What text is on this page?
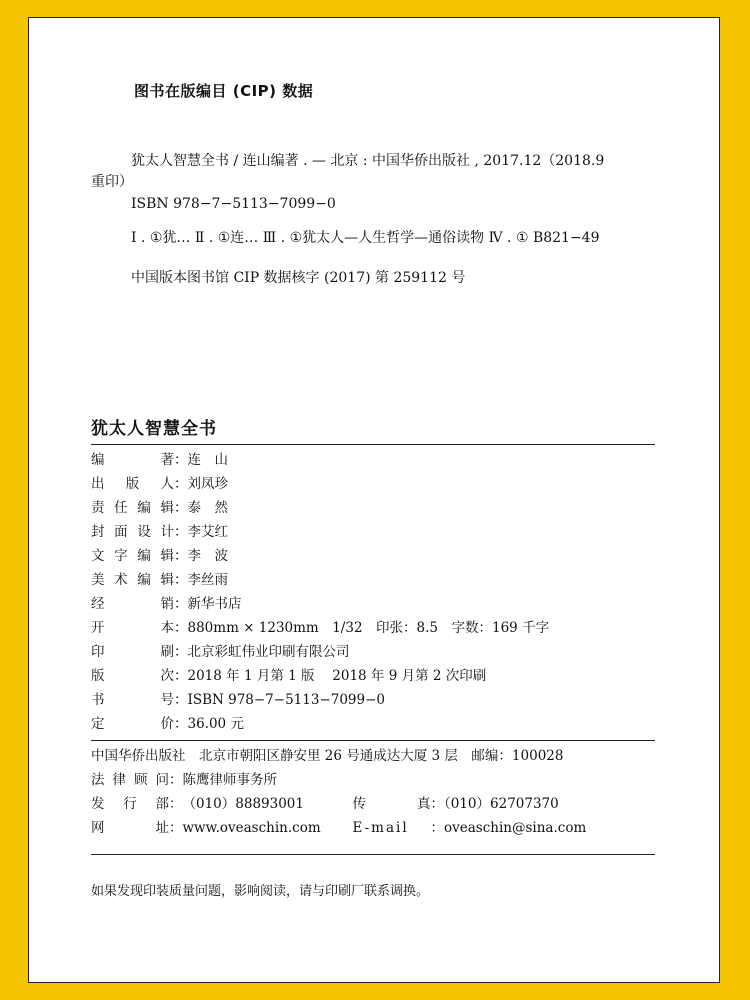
图书在版编目 (CIP) 数据
犹太人智慧全书 / 连山编著 . — 北京 : 中国华侨出版社 , 2017.12（2018.9
重印）
ISBN 978−7−5113−7099−0
Ⅰ . ①犹… Ⅱ . ①连… Ⅲ . ①犹太人—人生哲学—通俗读物 Ⅳ . ① B821−49
中国版本图书馆 CIP 数据核字 (2017) 第 259112 号
犹太人智慧全书
编　　著：连　山
出 版 人：刘凤珍
责任编辑：泰　然
封面设计：李艾红
文字编辑：李　波
美术编辑：李丝雨
经　　销：新华书店
开　　本：880mm × 1230mm　1/32　印张：8.5　字数：169 千字
印　　刷：北京彩虹伟业印刷有限公司
版　　次：2018 年 1 月第 1 版　 2018 年 9 月第 2 次印刷
书　　号：ISBN 978−7−5113−7099−0
定　　价：36.00 元
中国华侨出版社　北京市朝阳区静安里 26 号通成达大厦 3 层　邮编：100028
法律顾问：陈鹰律师事务所
发 行 部：（010）88893001	传　　真：（010）62707370
网　　址：www.oveaschin.com E-mail ：oveaschin@sina.com
如果发现印装质量问题，影响阅读，请与印刷厂联系调换。
